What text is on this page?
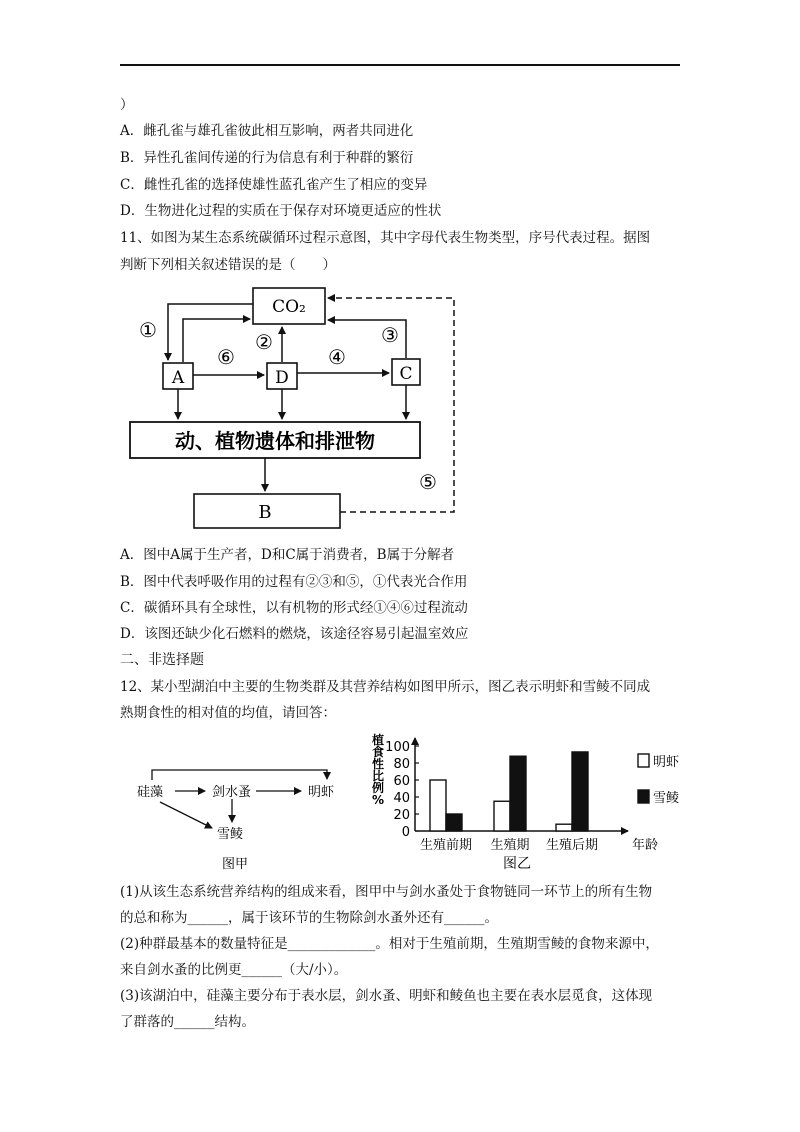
）
A．雌孔雀与雄孔雀彼此相互影响，两者共同进化
B．异性孔雀间传递的行为信息有利于种群的繁衍
C．雌性孔雀的选择使雄性蓝孔雀产生了相应的变异
D．生物进化过程的实质在于保存对环境更适应的性状
11、如图为某生态系统碳循环过程示意图，其中字母代表生物类型，序号代表过程。据图
判断下列相关叙述错误的是（　　）
CO₂
A	D	C
动、植物遗体和排泄物
B
①	②	③
④
⑤
⑥
A．图中A属于生产者，D和C属于消费者，B属于分解者
B．图中代表呼吸作用的过程有②③和⑤，①代表光合作用
C．碳循环具有全球性，以有机物的形式经①④⑥过程流动
D．该图还缺少化石燃料的燃烧，该途径容易引起温室效应
二、非选择题
12、某小型湖泊中主要的生物类群及其营养结构如图甲所示，图乙表示明虾和雪鲮不同成
熟期食性的相对值的均值，请回答：
硅藻	剑水蚤	明虾
雪鲮
图甲	图乙
0
20
40
60
80
100
植
食
性
比
例
%
年龄
生殖前期 生殖期 生殖后期
明虾
雪鲮
(1)从该生态系统营养结构的组成来看，图甲中与剑水蚤处于食物链同一环节上的所有生物
的总和称为______，属于该环节的生物除剑水蚤外还有______。
(2)种群最基本的数量特征是_____________。相对于生殖前期，生殖期雪鲮的食物来源中，
来自剑水蚤的比例更______（大/小）。
(3)该湖泊中，硅藻主要分布于表水层，剑水蚤、明虾和鲮鱼也主要在表水层觅食，这体现
了群落的______结构。
